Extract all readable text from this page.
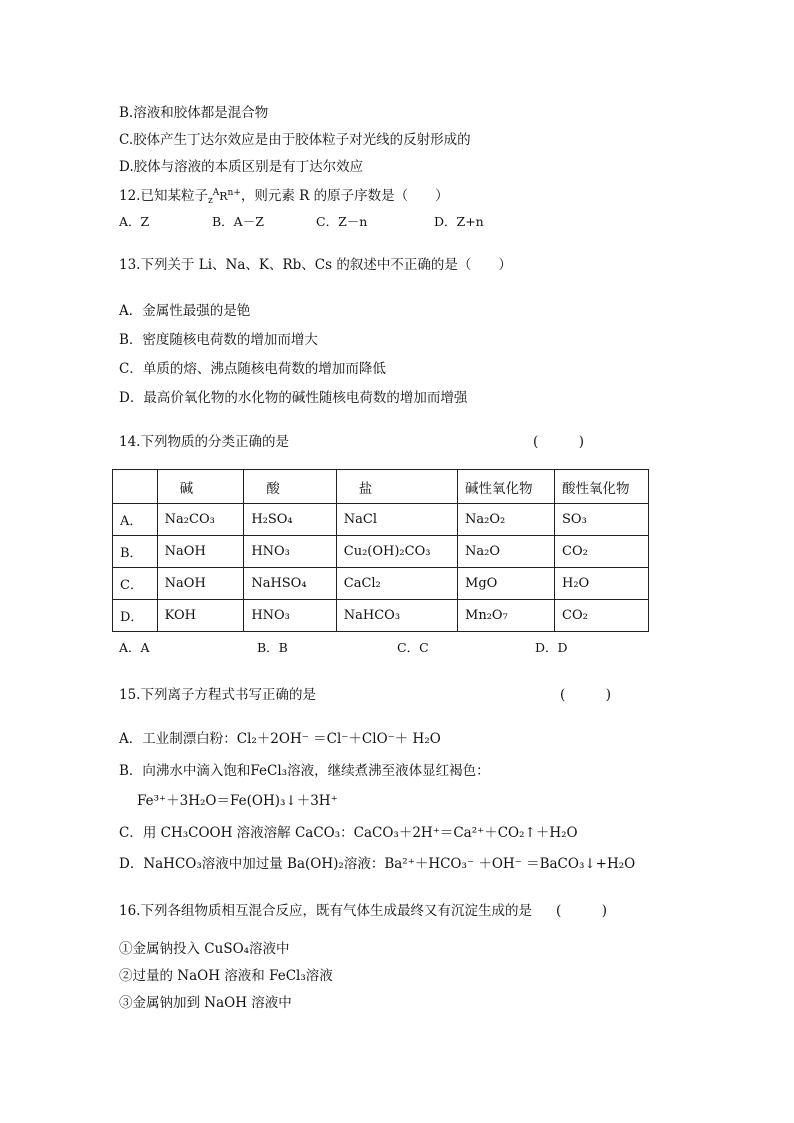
B.溶液和胶体都是混合物
C.胶体产生丁达尔效应是由于胶体粒子对光线的反射形成的
D.胶体与溶液的本质区别是有丁达尔效应
12.已知某粒子$_z^AR^{n+}$，则元素 R 的原子序数是（　　）
A．Z	B．A－Z	C．Z－n	D．Z+n
13.下列关于 Li、Na、K、Rb、Cs 的叙述中不正确的是（　　）
A．金属性最强的是铯
B．密度随核电荷数的增加而增大
C．单质的熔、沸点随核电荷数的增加而降低
D．最高价氧化物的水化物的碱性随核电荷数的增加而增强
14.下列物质的分类正确的是	(　　　)
	碱	酸	盐	碱性氧化物	酸性氧化物
A．	Na₂CO₃	H₂SO₄	NaCl	Na₂O₂	SO₃
B．	NaOH	HNO₃	Cu₂(OH)₂CO₃	Na₂O	CO₂
C．	NaOH	NaHSO₄	CaCl₂	MgO	H₂O
D．	KOH	HNO₃	NaHCO₃	Mn₂O₇	CO₂
A．A	B．B	C．C	D．D
15.下列离子方程式书写正确的是	(　　　)
A．工业制漂白粉：Cl₂＋2OH⁻ ＝Cl⁻＋ClO⁻＋ H₂O
B．向沸水中滴入饱和FeCl₃溶液，继续煮沸至液体显红褐色：
Fe³⁺＋3H₂O＝Fe(OH)₃↓＋3H⁺
C．用 CH₃COOH 溶液溶解 CaCO₃：CaCO₃＋2H⁺＝Ca²⁺＋CO₂↑＋H₂O
D．NaHCO₃溶液中加过量 Ba(OH)₂溶液：Ba²⁺＋HCO₃⁻ ＋OH⁻ ＝BaCO₃↓+H₂O
16.下列各组物质相互混合反应，既有气体生成最终又有沉淀生成的是 (　　　)
①金属钠投入 CuSO₄溶液中
②过量的 NaOH 溶液和 FeCl₃溶液
③金属钠加到 NaOH 溶液中
